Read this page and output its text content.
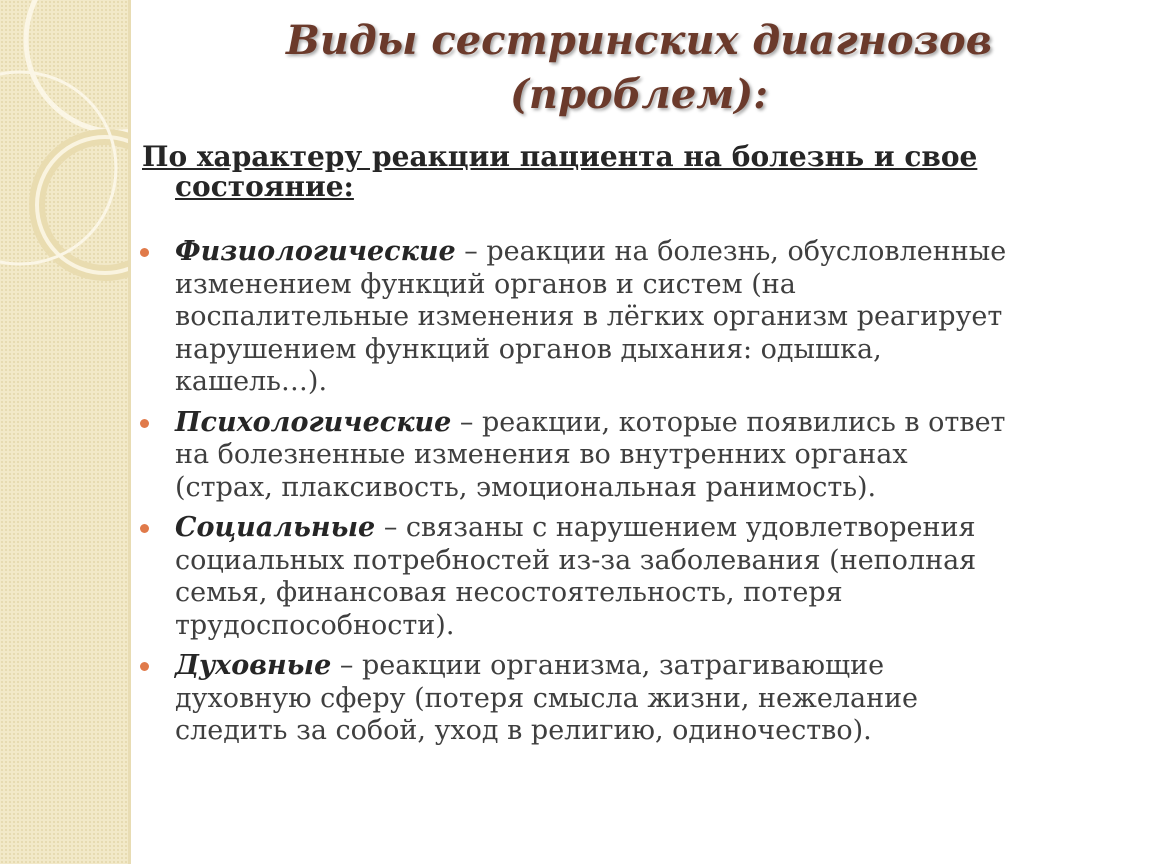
Виды сестринских диагнозов
(проблем):
По характеру реакции пациента на болезнь и свое
состояние:
Физиологические – реакции на болезнь, обусловленные
изменением функций органов и систем (на
воспалительные изменения в лёгких организм реагирует
нарушением функций органов дыхания: одышка,
кашель…).
Психологические – реакции, которые появились в ответ
на болезненные изменения во внутренних органах
(страх, плаксивость, эмоциональная ранимость).
Социальные – связаны с нарушением удовлетворения
социальных потребностей из-за заболевания (неполная
семья, финансовая несостоятельность, потеря
трудоспособности).
Духовные – реакции организма, затрагивающие
духовную сферу (потеря смысла жизни, нежелание
следить за собой, уход в религию, одиночество).
